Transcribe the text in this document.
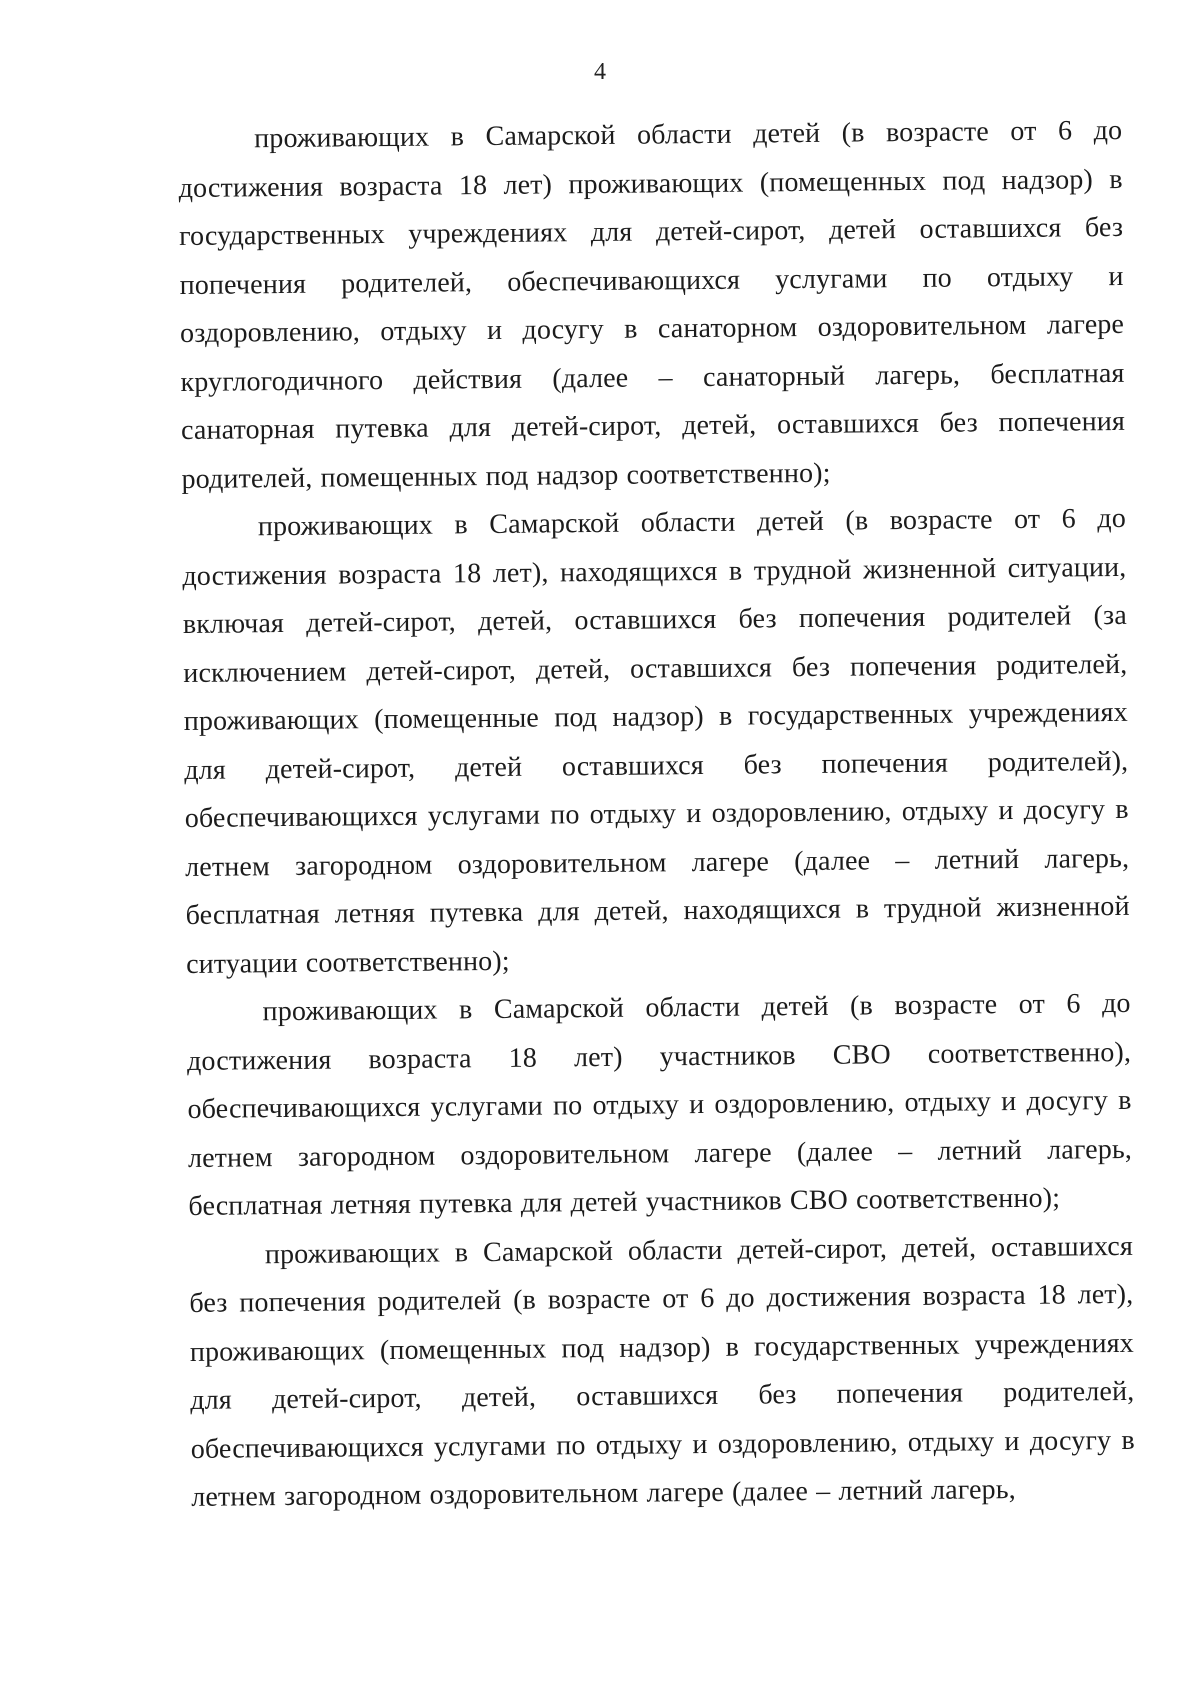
4

проживающих в Самарской области детей (в возрасте от 6 до достижения возраста 18 лет) проживающих (помещенных под надзор) в государственных учреждениях для детей-сирот, детей оставшихся без попечения родителей, обеспечивающихся услугами по отдыху и оздоровлению, отдыху и досугу в санаторном оздоровительном лагере круглогодичного действия (далее – санаторный лагерь, бесплатная санаторная путевка для детей-сирот, детей, оставшихся без попечения родителей, помещенных под надзор соответственно);

проживающих в Самарской области детей (в возрасте от 6 до достижения возраста 18 лет), находящихся в трудной жизненной ситуации, включая детей-сирот, детей, оставшихся без попечения родителей (за исключением детей-сирот, детей, оставшихся без попечения родителей, проживающих (помещенные под надзор) в государственных учреждениях для детей-сирот, детей оставшихся без попечения родителей), обеспечивающихся услугами по отдыху и оздоровлению, отдыху и досугу в летнем загородном оздоровительном лагере (далее – летний лагерь, бесплатная летняя путевка для детей, находящихся в трудной жизненной ситуации соответственно);

проживающих в Самарской области детей (в возрасте от 6 до достижения возраста 18 лет) участников СВО соответственно), обеспечивающихся услугами по отдыху и оздоровлению, отдыху и досугу в летнем загородном оздоровительном лагере (далее – летний лагерь, бесплатная летняя путевка для детей участников СВО соответственно);

проживающих в Самарской области детей-сирот, детей, оставшихся без попечения родителей (в возрасте от 6 до достижения возраста 18 лет), проживающих (помещенных под надзор) в государственных учреждениях для детей-сирот, детей, оставшихся без попечения родителей, обеспечивающихся услугами по отдыху и оздоровлению, отдыху и досугу в летнем загородном оздоровительном лагере (далее – летний лагерь,
